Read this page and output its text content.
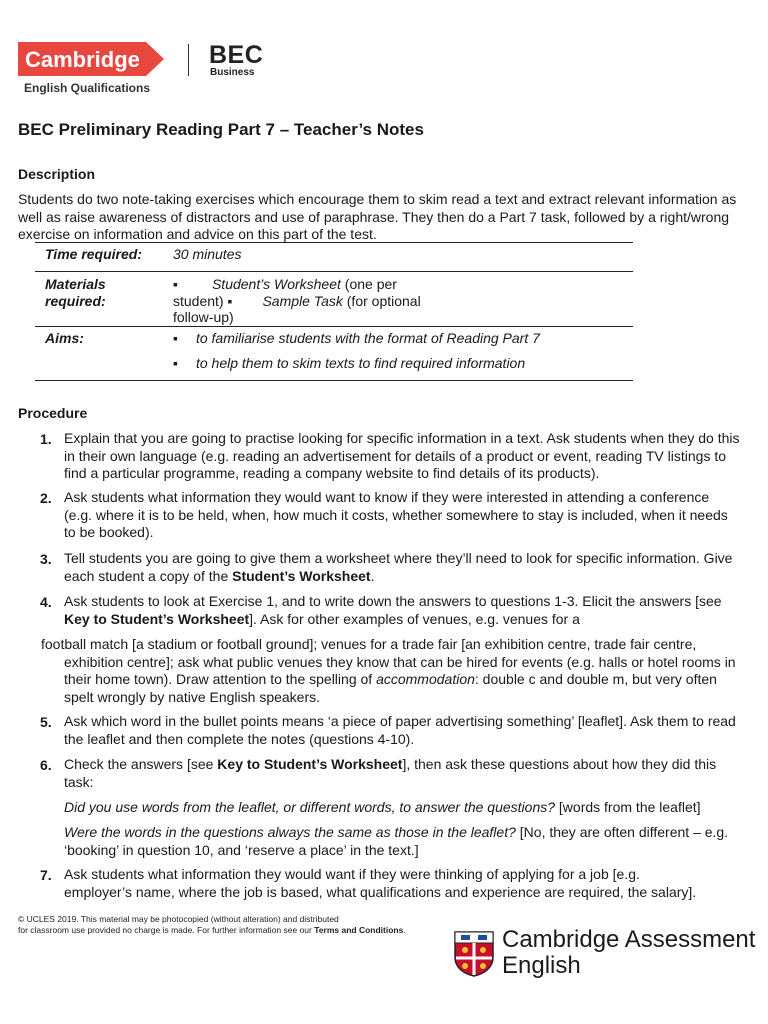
Cambridge
English Qualifications
BEC
Business
BEC Preliminary Reading Part 7 – Teacher’s Notes
Description
Students do two note-taking exercises which encourage them to skim read a text and extract relevant information as
well as raise awareness of distractors and use of paraphrase. They then do a Part 7 task, followed by a right/wrong
exercise on information and advice on this part of the test.
Time required: 30 minutes
Materials
required:
▪ Student’s Worksheet (one per
student) ▪ Sample Task (for optional
follow-up)
Aims:	▪ to familiarise students with the format of Reading Part 7
▪ to help them to skim texts to find required information
Procedure
1. Explain that you are going to practise looking for specific information in a text. Ask students when they do this
in their own language (e.g. reading an advertisement for details of a product or event, reading TV listings to
find a particular programme, reading a company website to find details of its products).
2. Ask students what information they would want to know if they were interested in attending a conference
(e.g. where it is to be held, when, how much it costs, whether somewhere to stay is included, when it needs
to be booked).
3. Tell students you are going to give them a worksheet where they’ll need to look for specific information. Give
each student a copy of the Student’s Worksheet.
4. Ask students to look at Exercise 1, and to write down the answers to questions 1-3. Elicit the answers [see
Key to Student’s Worksheet]. Ask for other examples of venues, e.g. venues for a
football match [a stadium or football ground]; venues for a trade fair [an exhibition centre, trade fair centre,
exhibition centre]; ask what public venues they know that can be hired for events (e.g. halls or hotel rooms in
their home town). Draw attention to the spelling of accommodation: double c and double m, but very often
spelt wrongly by native English speakers.
5. Ask which word in the bullet points means ‘a piece of paper advertising something’ [leaflet]. Ask them to read
the leaflet and then complete the notes (questions 4-10).
6. Check the answers [see Key to Student’s Worksheet], then ask these questions about how they did this
task:
Did you use words from the leaflet, or different words, to answer the questions? [words from the leaflet]
Were the words in the questions always the same as those in the leaflet? [No, they are often different – e.g.
‘booking’ in question 10, and ‘reserve a place’ in the text.]
7. Ask students what information they would want if they were thinking of applying for a job [e.g.
employer’s name, where the job is based, what qualifications and experience are required, the salary].
© UCLES 2019. This material may be photocopied (without alteration) and distributed
for classroom use provided no charge is made. For further information see our Terms and Conditions.	Cambridge Assessment
English
